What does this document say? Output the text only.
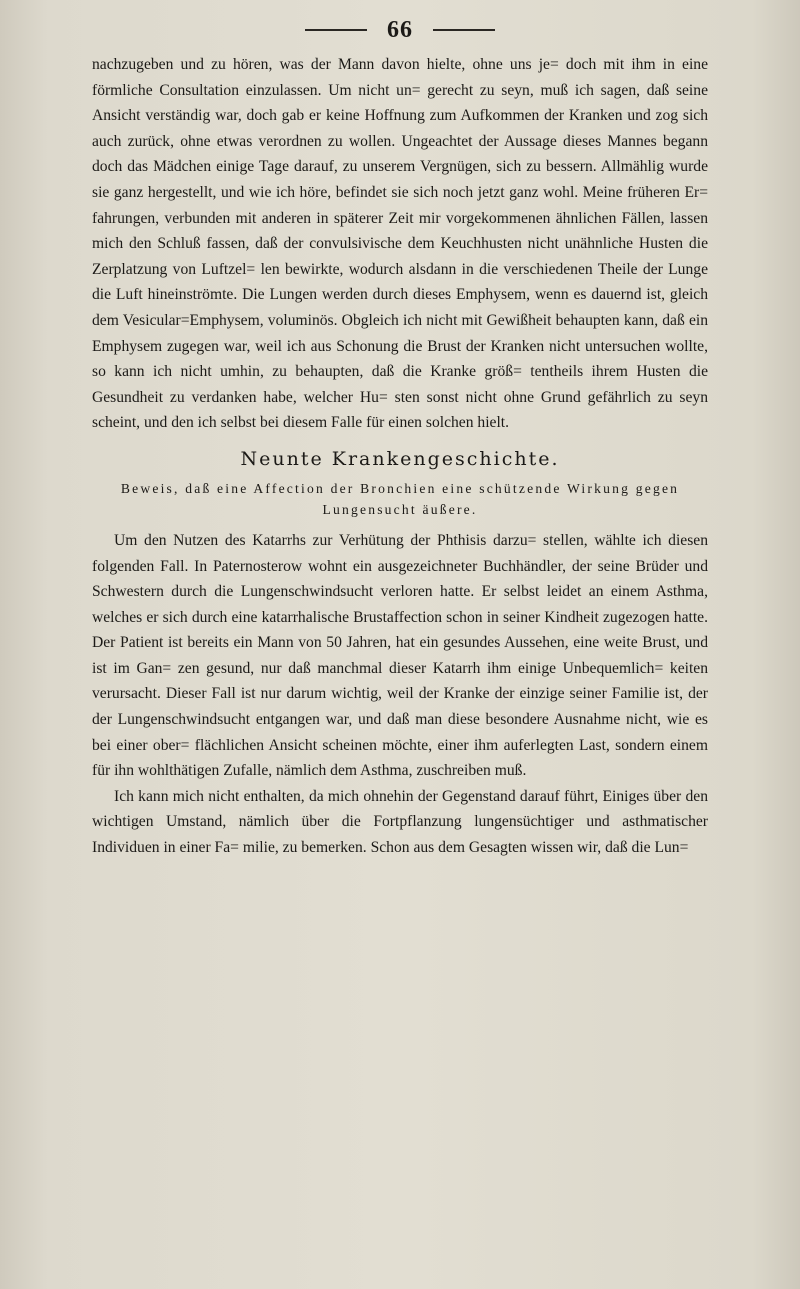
66

nachzugeben und zu hören, was der Mann davon hielte, ohne uns je= doch mit ihm in eine förmliche Consultation einzulassen. Um nicht un= gerecht zu seyn, muß ich sagen, daß seine Ansicht verständig war, doch gab er keine Hoffnung zum Aufkommen der Kranken und zog sich auch zurück, ohne etwas verordnen zu wollen. Ungeachtet der Aussage dieses Mannes begann doch das Mädchen einige Tage darauf, zu unserem Vergnügen, sich zu bessern. Allmählig wurde sie ganz hergestellt, und wie ich höre, befindet sie sich noch jetzt ganz wohl. Meine früheren Er= fahrungen, verbunden mit anderen in späterer Zeit mir vorgekommenen ähnlichen Fällen, lassen mich den Schluß fassen, daß der convulsivische dem Keuchhusten nicht unähnliche Husten die Zerplatzung von Luftzel= len bewirkte, wodurch alsdann in die verschiedenen Theile der Lunge die Luft hineinströmte. Die Lungen werden durch dieses Emphysem, wenn es dauernd ist, gleich dem Vesicular=Emphysem, voluminös. Obgleich ich nicht mit Gewißheit behaupten kann, daß ein Emphysem zugegen war, weil ich aus Schonung die Brust der Kranken nicht untersuchen wollte, so kann ich nicht umhin, zu behaupten, daß die Kranke größ= tentheils ihrem Husten die Gesundheit zu verdanken habe, welcher Hu= sten sonst nicht ohne Grund gefährlich zu seyn scheint, und den ich selbst bei diesem Falle für einen solchen hielt.

Neunte Krankengeschichte.
Beweis, daß eine Affection der Bronchien eine schützende Wirkung gegen Lungensucht äußere.

Um den Nutzen des Katarrhs zur Verhütung der Phthisis darzu= stellen, wählte ich diesen folgenden Fall. In Paternosterow wohnt ein ausgezeichneter Buchhändler, der seine Brüder und Schwestern durch die Lungenschwindsucht verloren hatte. Er selbst leidet an einem Asthma, welches er sich durch eine katarrhalische Brustaffection schon in seiner Kindheit zugezogen hatte. Der Patient ist bereits ein Mann von 50 Jahren, hat ein gesundes Aussehen, eine weite Brust, und ist im Gan= zen gesund, nur daß manchmal dieser Katarrh ihm einige Unbequemlich= keiten verursacht. Dieser Fall ist nur darum wichtig, weil der Kranke der einzige seiner Familie ist, der der Lungenschwindsucht entgangen war, und daß man diese besondere Ausnahme nicht, wie es bei einer ober= flächlichen Ansicht scheinen möchte, einer ihm auferlegten Last, sondern einem für ihn wohlthätigen Zufalle, nämlich dem Asthma, zuschreiben muß.

Ich kann mich nicht enthalten, da mich ohnehin der Gegenstand darauf führt, Einiges über den wichtigen Umstand, nämlich über die Fortpflanzung lungensüchtiger und asthmatischer Individuen in einer Fa= milie, zu bemerken. Schon aus dem Gesagten wissen wir, daß die Lun=
